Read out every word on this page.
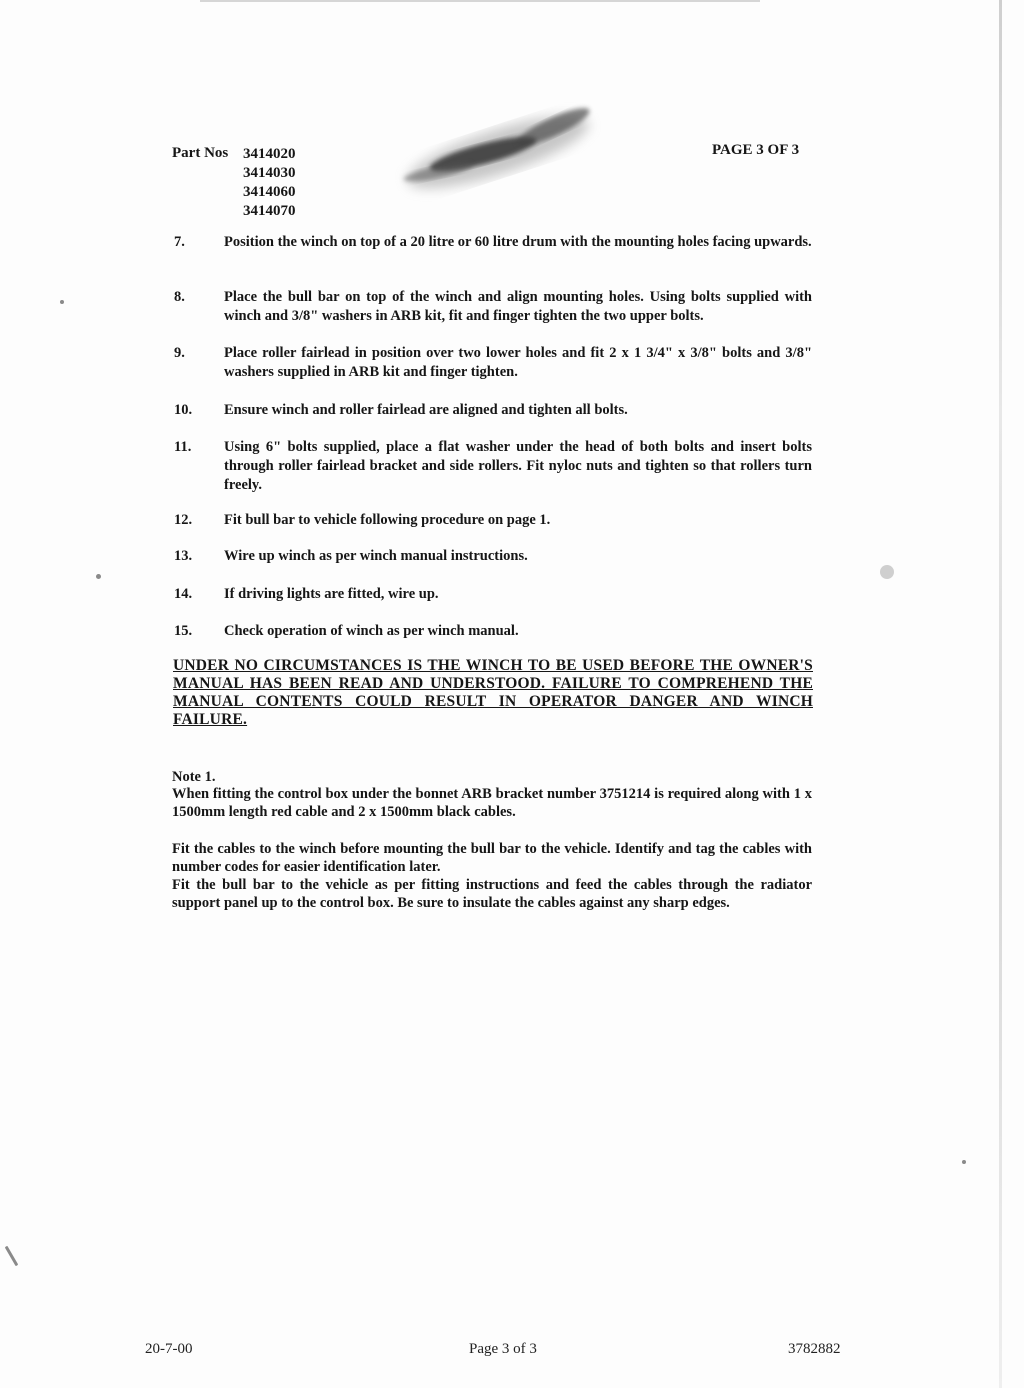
Part Nos 3414020
3414030
3414060
3414070
PAGE 3 OF 3
7.	Position the winch on top of a 20 litre or 60 litre drum with the mounting holes facing upwards.
8.	Place the bull bar on top of the winch and align mounting holes. Using bolts supplied with winch and 3/8" washers in ARB kit, fit and finger tighten the two upper bolts.
9.	Place roller fairlead in position over two lower holes and fit 2 x 1 3/4" x 3/8" bolts and 3/8" washers supplied in ARB kit and finger tighten.
10. Ensure winch and roller fairlead are aligned and tighten all bolts.
11. Using 6" bolts supplied, place a flat washer under the head of both bolts and insert bolts through roller fairlead bracket and side rollers. Fit nyloc nuts and tighten so that rollers turn freely.
12. Fit bull bar to vehicle following procedure on page 1.
13. Wire up winch as per winch manual instructions.
14. If driving lights are fitted, wire up.
15. Check operation of winch as per winch manual.
UNDER NO CIRCUMSTANCES IS THE WINCH TO BE USED BEFORE THE OWNER'S MANUAL HAS BEEN READ AND UNDERSTOOD. FAILURE TO COMPREHEND THE MANUAL CONTENTS COULD RESULT IN OPERATOR DANGER AND WINCH FAILURE.
Note 1.
When fitting the control box under the bonnet ARB bracket number 3751214 is required along with 1 x 1500mm length red cable and 2 x 1500mm black cables.
Fit the cables to the winch before mounting the bull bar to the vehicle. Identify and tag the cables with number codes for easier identification later.
Fit the bull bar to the vehicle as per fitting instructions and feed the cables through the radiator support panel up to the control box. Be sure to insulate the cables against any sharp edges.
20-7-00	Page 3 of 3	3782882
